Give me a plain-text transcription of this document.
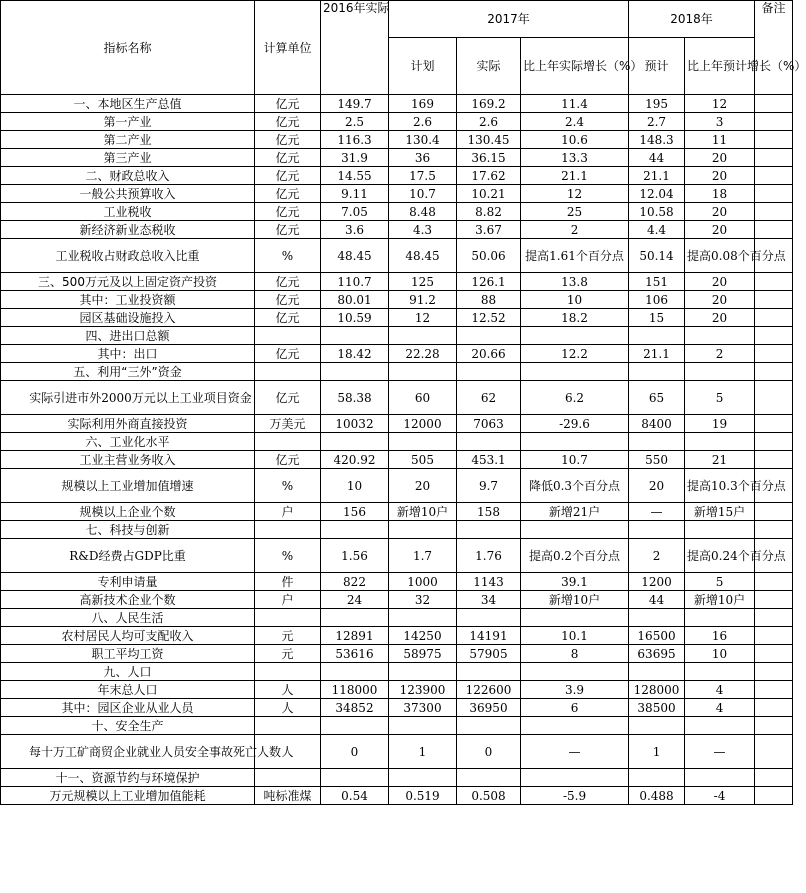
指标名称	计算单位	2016年实际	2017年			2018年		备注
			计划	实际	比上年实际增长（%）	预计	比上年预计增长（%）	
一、本地区生产总值	亿元	149.7	169	169.2	11.4	195	12	
第一产业	亿元	2.5	2.6	2.6	2.4	2.7	3	
第二产业	亿元	116.3	130.4	130.45	10.6	148.3	11	
第三产业	亿元	31.9	36	36.15	13.3	44	20	
二、财政总收入	亿元	14.55	17.5	17.62	21.1	21.1	20	
一般公共预算收入	亿元	9.11	10.7	10.21	12	12.04	18	
工业税收	亿元	7.05	8.48	8.82	25	10.58	20	
新经济新业态税收	亿元	3.6	4.3	3.67	2	4.4	20	
工业税收占财政总收入比重	%	48.45	48.45	50.06	提高1.61个百分点	50.14	提高0.08个百分点	
三、500万元及以上固定资产投资	亿元	110.7	125	126.1	13.8	151	20	
其中：工业投资额	亿元	80.01	91.2	88	10	106	20	
园区基础设施投入	亿元	10.59	12	12.52	18.2	15	20	
四、进出口总额								
其中：出口	亿元	18.42	22.28	20.66	12.2	21.1	2	
五、利用“三外”资金								
实际引进市外2000万元以上工业项目资金	亿元	58.38	60	62	6.2	65	5	
实际利用外商直接投资	万美元	10032	12000	7063	-29.6	8400	19	
六、工业化水平								
工业主营业务收入	亿元	420.92	505	453.1	10.7	550	21	
规模以上工业增加值增速	%	10	20	9.7	降低0.3个百分点	20	提高10.3个百分点	
规模以上企业个数	户	156	新增10户	158	新增21户	—	新增15户	
七、科技与创新								
R&D经费占GDP比重	%	1.56	1.7	1.76	提高0.2个百分点	2	提高0.24个百分点	
专利申请量	件	822	1000	1143	39.1	1200	5	
高新技术企业个数	户	24	32	34	新增10户	44	新增10户	
八、人民生活								
农村居民人均可支配收入	元	12891	14250	14191	10.1	16500	16	
职工平均工资	元	53616	58975	57905	8	63695	10	
九、人口								
年末总人口	人	118000	123900	122600	3.9	128000	4	
其中：园区企业从业人员	人	34852	37300	36950	6	38500	4	
十、安全生产								
每十万工矿商贸企业就业人员安全事故死亡人数	人	0	1	0	—	1	—	
十一、资源节约与环境保护								
万元规模以上工业增加值能耗	吨标准煤	0.54	0.519	0.508	-5.9	0.488	-4	
